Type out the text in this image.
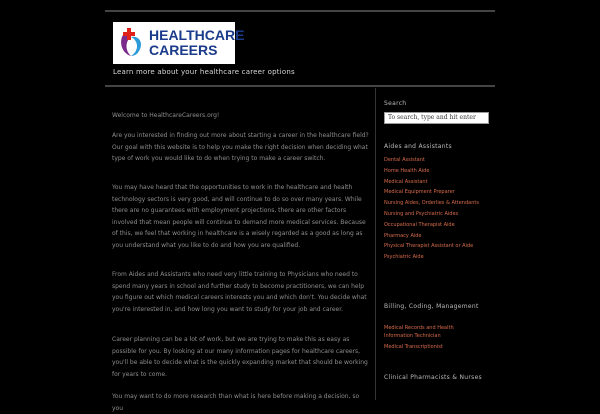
HEALTHCARE
CAREERS
Learn more about your healthcare career options

Welcome to HealthcareCareers.org!

Are you interested in finding out more about starting a career in the healthcare field? Our goal with this website is to help you make the right decision when deciding what type of work you would like to do when trying to make a career switch.

You may have heard that the opportunities to work in the healthcare and health technology sectors is very good, and will continue to do so over many years. While there are no guarantees with employment projections, there are other factors involved that mean people will continue to demand more medical services. Because of this, we feel that working in healthcare is a wisely regarded as a good as long as you understand what you like to do and how you are qualified.

From Aides and Assistants who need very little training to Physicians who need to spend many years in school and further study to become practitioners, we can help you figure out which medical careers interests you and which don't. You decide what you're interested in, and how long you want to study for your job and career.

Career planning can be a lot of work, but we are trying to make this as easy as possible for you. By looking at our many information pages for healthcare careers, you'll be able to decide what is the quickly expanding market that should be working for years to come.

You may want to do more research than what is here before making a decision, so you

Search
To search, type and hit enter
Aides and Assistants
Dental Assistant
Home Health Aide
Medical Assistant
Medical Equipment Preparer
Nursing Aides, Orderlies & Attendants
Nursing and Psychiatric Aides
Occupational Therapist Aide
Pharmacy Aide
Physical Therapist Assistant or Aide
Psychiatric Aide
Billing, Coding, Management
Medical Records and Health Information Technician
Medical Transcriptionist
Clinical Pharmacists & Nurses
